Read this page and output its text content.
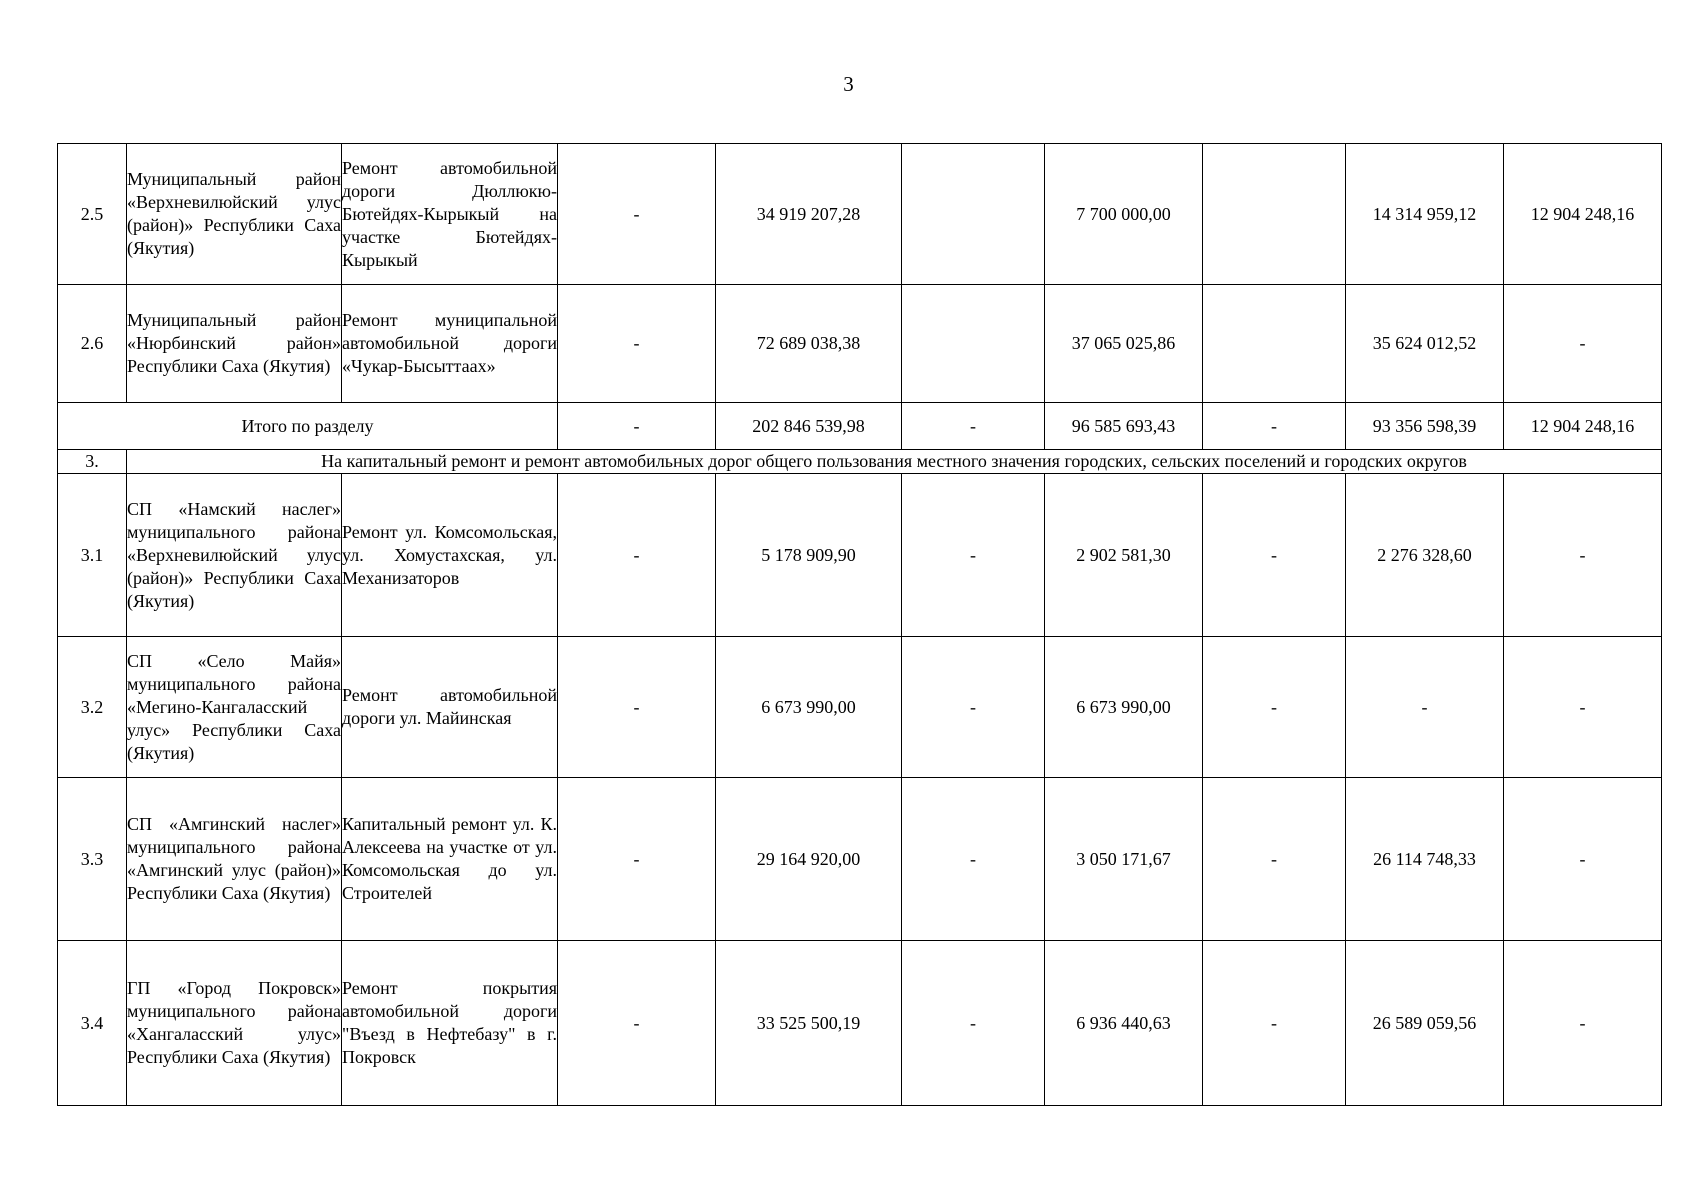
3
2.5	Муниципальный район «Верхневилюйский улус (район)» Республики Саха (Якутия)	Ремонт автомобильной дороги Дюллюкю-Бютейдях-Кырыкый на участке Бютейдях-Кырыкый	-	34 919 207,28		7 700 000,00		14 314 959,12	12 904 248,16
2.6	Муниципальный район «Нюрбинский район» Республики Саха (Якутия)	Ремонт муниципальной автомобильной дороги «Чукар-Бысыттаах»	-	72 689 038,38		37 065 025,86		35 624 012,52	-
Итого по разделу			-	202 846 539,98	-	96 585 693,43	-	93 356 598,39	12 904 248,16
3.	На капитальный ремонт и ремонт автомобильных дорог общего пользования местного значения городских, сельских поселений и городских округов								
3.1	СП «Намский наслег» муниципального района «Верхневилюйский улус (район)» Республики Саха (Якутия)	Ремонт ул. Комсомольская, ул. Хомустахская, ул. Механизаторов	-	5 178 909,90	-	2 902 581,30	-	2 276 328,60	-
3.2	СП «Село Майя» муниципального района «Мегино-Кангаласский улус» Республики Саха (Якутия)	Ремонт автомобильной дороги ул. Майинская	-	6 673 990,00	-	6 673 990,00	-	-	-
3.3	СП «Амгинский наслег» муниципального района «Амгинский улус (район)» Республики Саха (Якутия)	Капитальный ремонт ул. К. Алексеева на участке от ул. Комсомольская до ул. Строителей	-	29 164 920,00	-	3 050 171,67	-	26 114 748,33	-
3.4	ГП «Город Покровск» муниципального района «Хангаласский улус» Республики Саха (Якутия)	Ремонт покрытия автомобильной дороги "Въезд в Нефтебазу" в г. Покровск	-	33 525 500,19	-	6 936 440,63	-	26 589 059,56	-
